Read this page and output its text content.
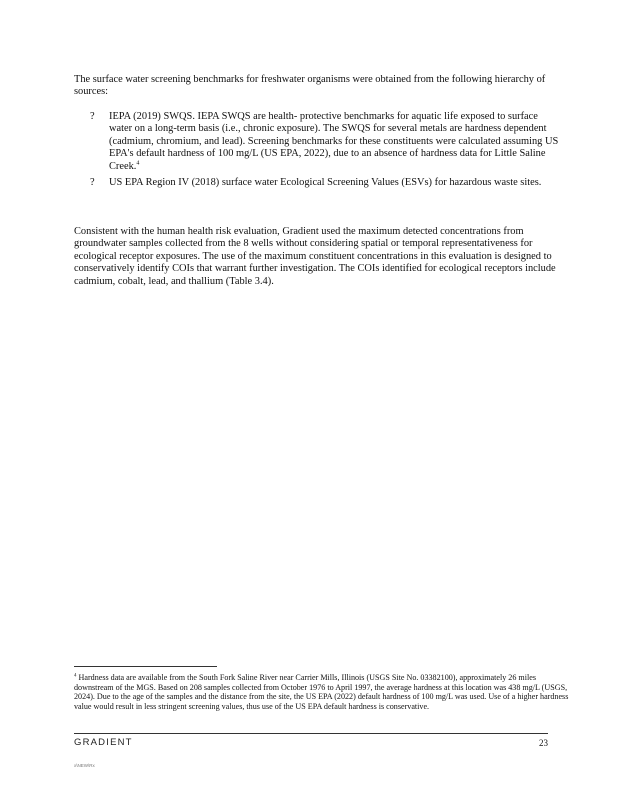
The surface water screening benchmarks for freshwater organisms were obtained from the following hierarchy of sources:

? IEPA (2019) SWQS. IEPA SWQS are health- protective benchmarks for aquatic life exposed to surface water on a long-term basis (i.e., chronic exposure). The SWQS for several metals are hardness dependent (cadmium, chromium, and lead). Screening benchmarks for these constituents were calculated assuming US EPA's default hardness of 100 mg/L (US EPA, 2022), due to an absence of hardness data for Little Saline Creek.$^4$
? US EPA Region IV (2018) surface water Ecological Screening Values (ESVs) for hazardous waste sites.

Consistent with the human health risk evaluation, Gradient used the maximum detected concentrations from groundwater samples collected from the 8 wells without considering spatial or temporal representativeness for ecological receptor exposures. The use of the maximum constituent concentrations in this evaluation is designed to conservatively identify COIs that warrant further investigation. The COIs identified for ecological receptors include cadmium, cobalt, lead, and thallium (Table 3.4).

$^4$ Hardness data are available from the South Fork Saline River near Carrier Mills, Illinois (USGS Site No. 03382100), approximately 26 miles downstream of the MGS. Based on 208 samples collected from October 1976 to April 1997, the average hardness at this location was 438 mg/L (USGS, 2024). Due to the age of the samples and the distance from the site, the US EPA (2022) default hardness of 100 mg/L was used. Use of a higher hardness value would result in less stringent screening values, thus use of the US EPA default hardness is conservative.

GRADIENT	23
x\NEW\Rx
